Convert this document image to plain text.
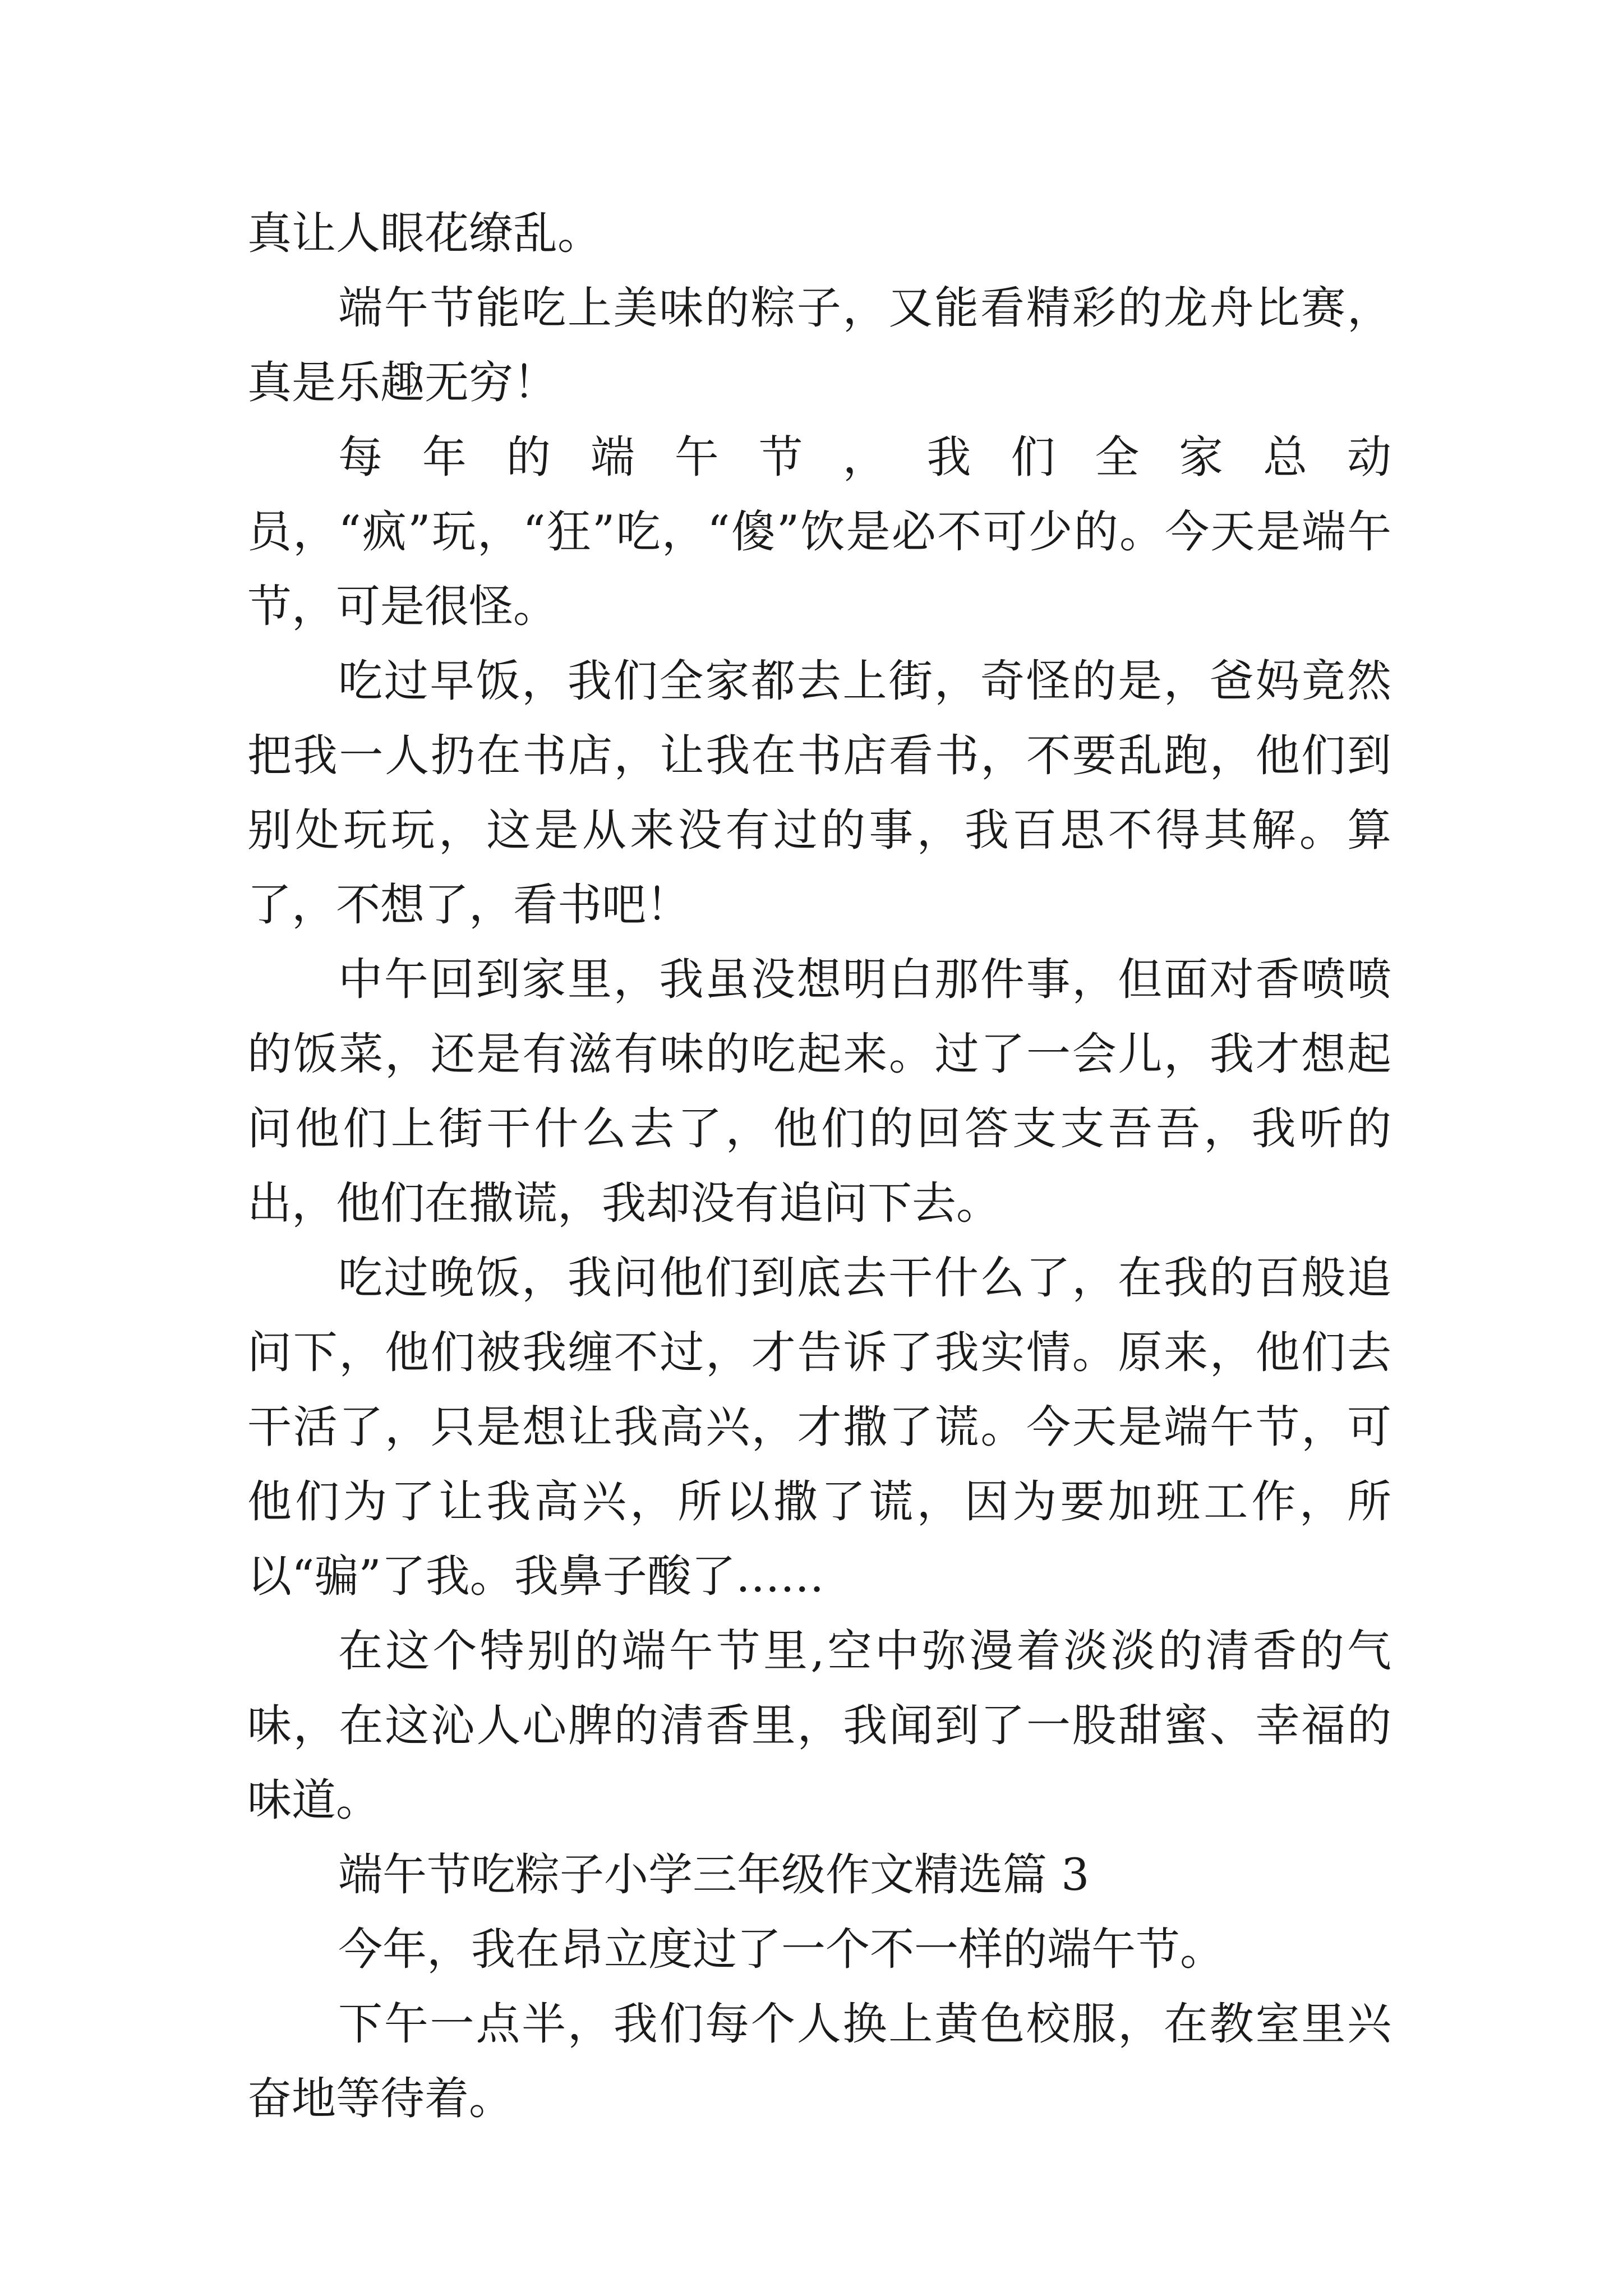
真让人眼花缭乱。

端午节能吃上美味的粽子，又能看精彩的龙舟比赛，真是乐趣无穷！

每年的端午节，我们全家总动员，“疯”玩，“狂”吃，“傻”饮是必不可少的。今天是端午节，可是很怪。

吃过早饭，我们全家都去上街，奇怪的是，爸妈竟然把我一人扔在书店，让我在书店看书，不要乱跑，他们到别处玩玩，这是从来没有过的事，我百思不得其解。算了，不想了，看书吧！

中午回到家里，我虽没想明白那件事，但面对香喷喷的饭菜，还是有滋有味的吃起来。过了一会儿，我才想起问他们上街干什么去了，他们的回答支支吾吾，我听的出，他们在撒谎，我却没有追问下去。

吃过晚饭，我问他们到底去干什么了，在我的百般追问下，他们被我缠不过，才告诉了我实情。原来，他们去干活了，只是想让我高兴，才撒了谎。今天是端午节，可他们为了让我高兴，所以撒了谎，因为要加班工作，所以“骗”了我。我鼻子酸了……

在这个特别的端午节里,空中弥漫着淡淡的清香的气味，在这沁人心脾的清香里，我闻到了一股甜蜜、幸福的味道。

端午节吃粽子小学三年级作文精选篇 3

今年，我在昂立度过了一个不一样的端午节。

下午一点半，我们每个人换上黄色校服，在教室里兴奋地等待着。
